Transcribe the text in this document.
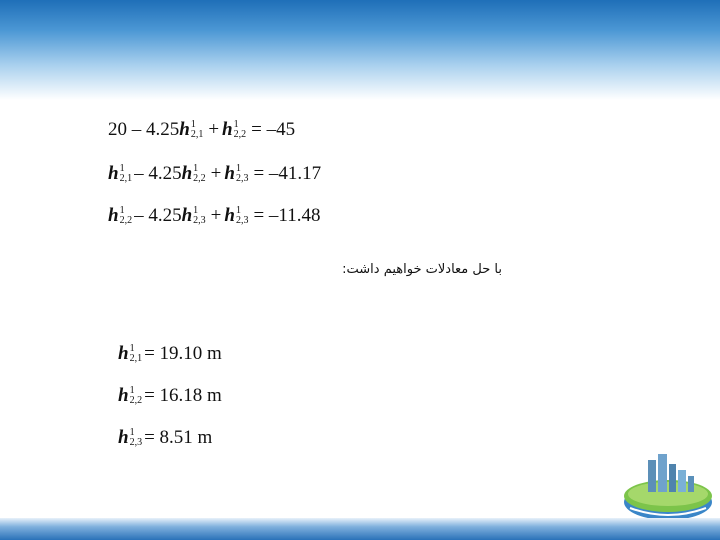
20 – 4.25h 1
2,1 + h 1
2,2 = –45
h 1
2,1 – 4.25h 1
2,2 + h 1
2,3 = –41.17
h 1
2,2 – 4.25h 1
2,3 + h 1
2,3 = –11.48
با حل معادلات خواهیم داشت:
h 1
2,1 = 19.10 m
h 1
2,2 = 16.18 m
h 1
2,3 = 8.51 m
